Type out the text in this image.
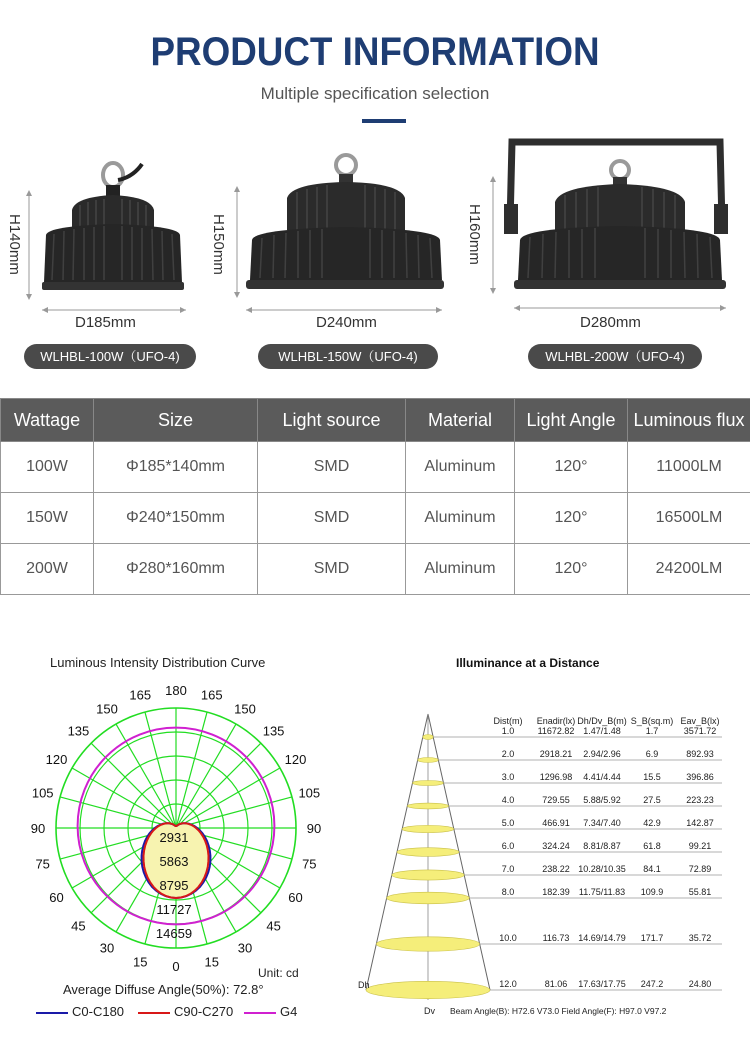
PRODUCT INFORMATION
Multiple specification selection
H140mm
D185mm
WLHBL-100W（UFO-4)
H150mm
D240mm
WLHBL-150W（UFO-4)
H160mm
D280mm
WLHBL-200W（UFO-4)
Wattage	Size	Light source	Material	Light Angle	Luminous flux
100W	Φ185*140mm	SMD	Aluminum	120°	11000LM
150W	Φ240*150mm	SMD	Aluminum	120°	16500LM
200W	Φ280*160mm	SMD	Aluminum	120°	24200LM
Luminous Intensity Distribution Curve
2931
5863
8795
11727
14659
0 15
15
30
30
45
45
60
60
75
75
90
90
105
105
120
120
135
135
150
150
165
165 180
Unit: cd
Average Diffuse Angle(50%): 72.8°
C0-C180	C90-C270	G4
Illuminance at a Distance
Dist(m) Enadir(lx) Dh/Dv_B(m) S_B(sq.m) Eav_B(lx)
1.0	11672.82 1.47/1.48	1.7	3571.72
2.0	2918.21 2.94/2.96	6.9	892.93
3.0	1296.98 4.41/4.44 15.5	396.86
4.0	729.55 5.88/5.92 27.5	223.23
5.0	466.91 7.34/7.40 42.9	142.87
6.0	324.24 8.81/8.87 61.8	99.21
7.0	238.22 10.28/10.35 84.1	72.89
8.0	182.39 11.75/11.83 109.9	55.81
10.0	116.73 14.69/14.79 171.7	35.72
12.0	81.06 17.63/17.75 247.2	24.80
Dh
Dv Beam Angle(B): H72.6 V73.0 Field Angle(F): H97.0 V97.2
